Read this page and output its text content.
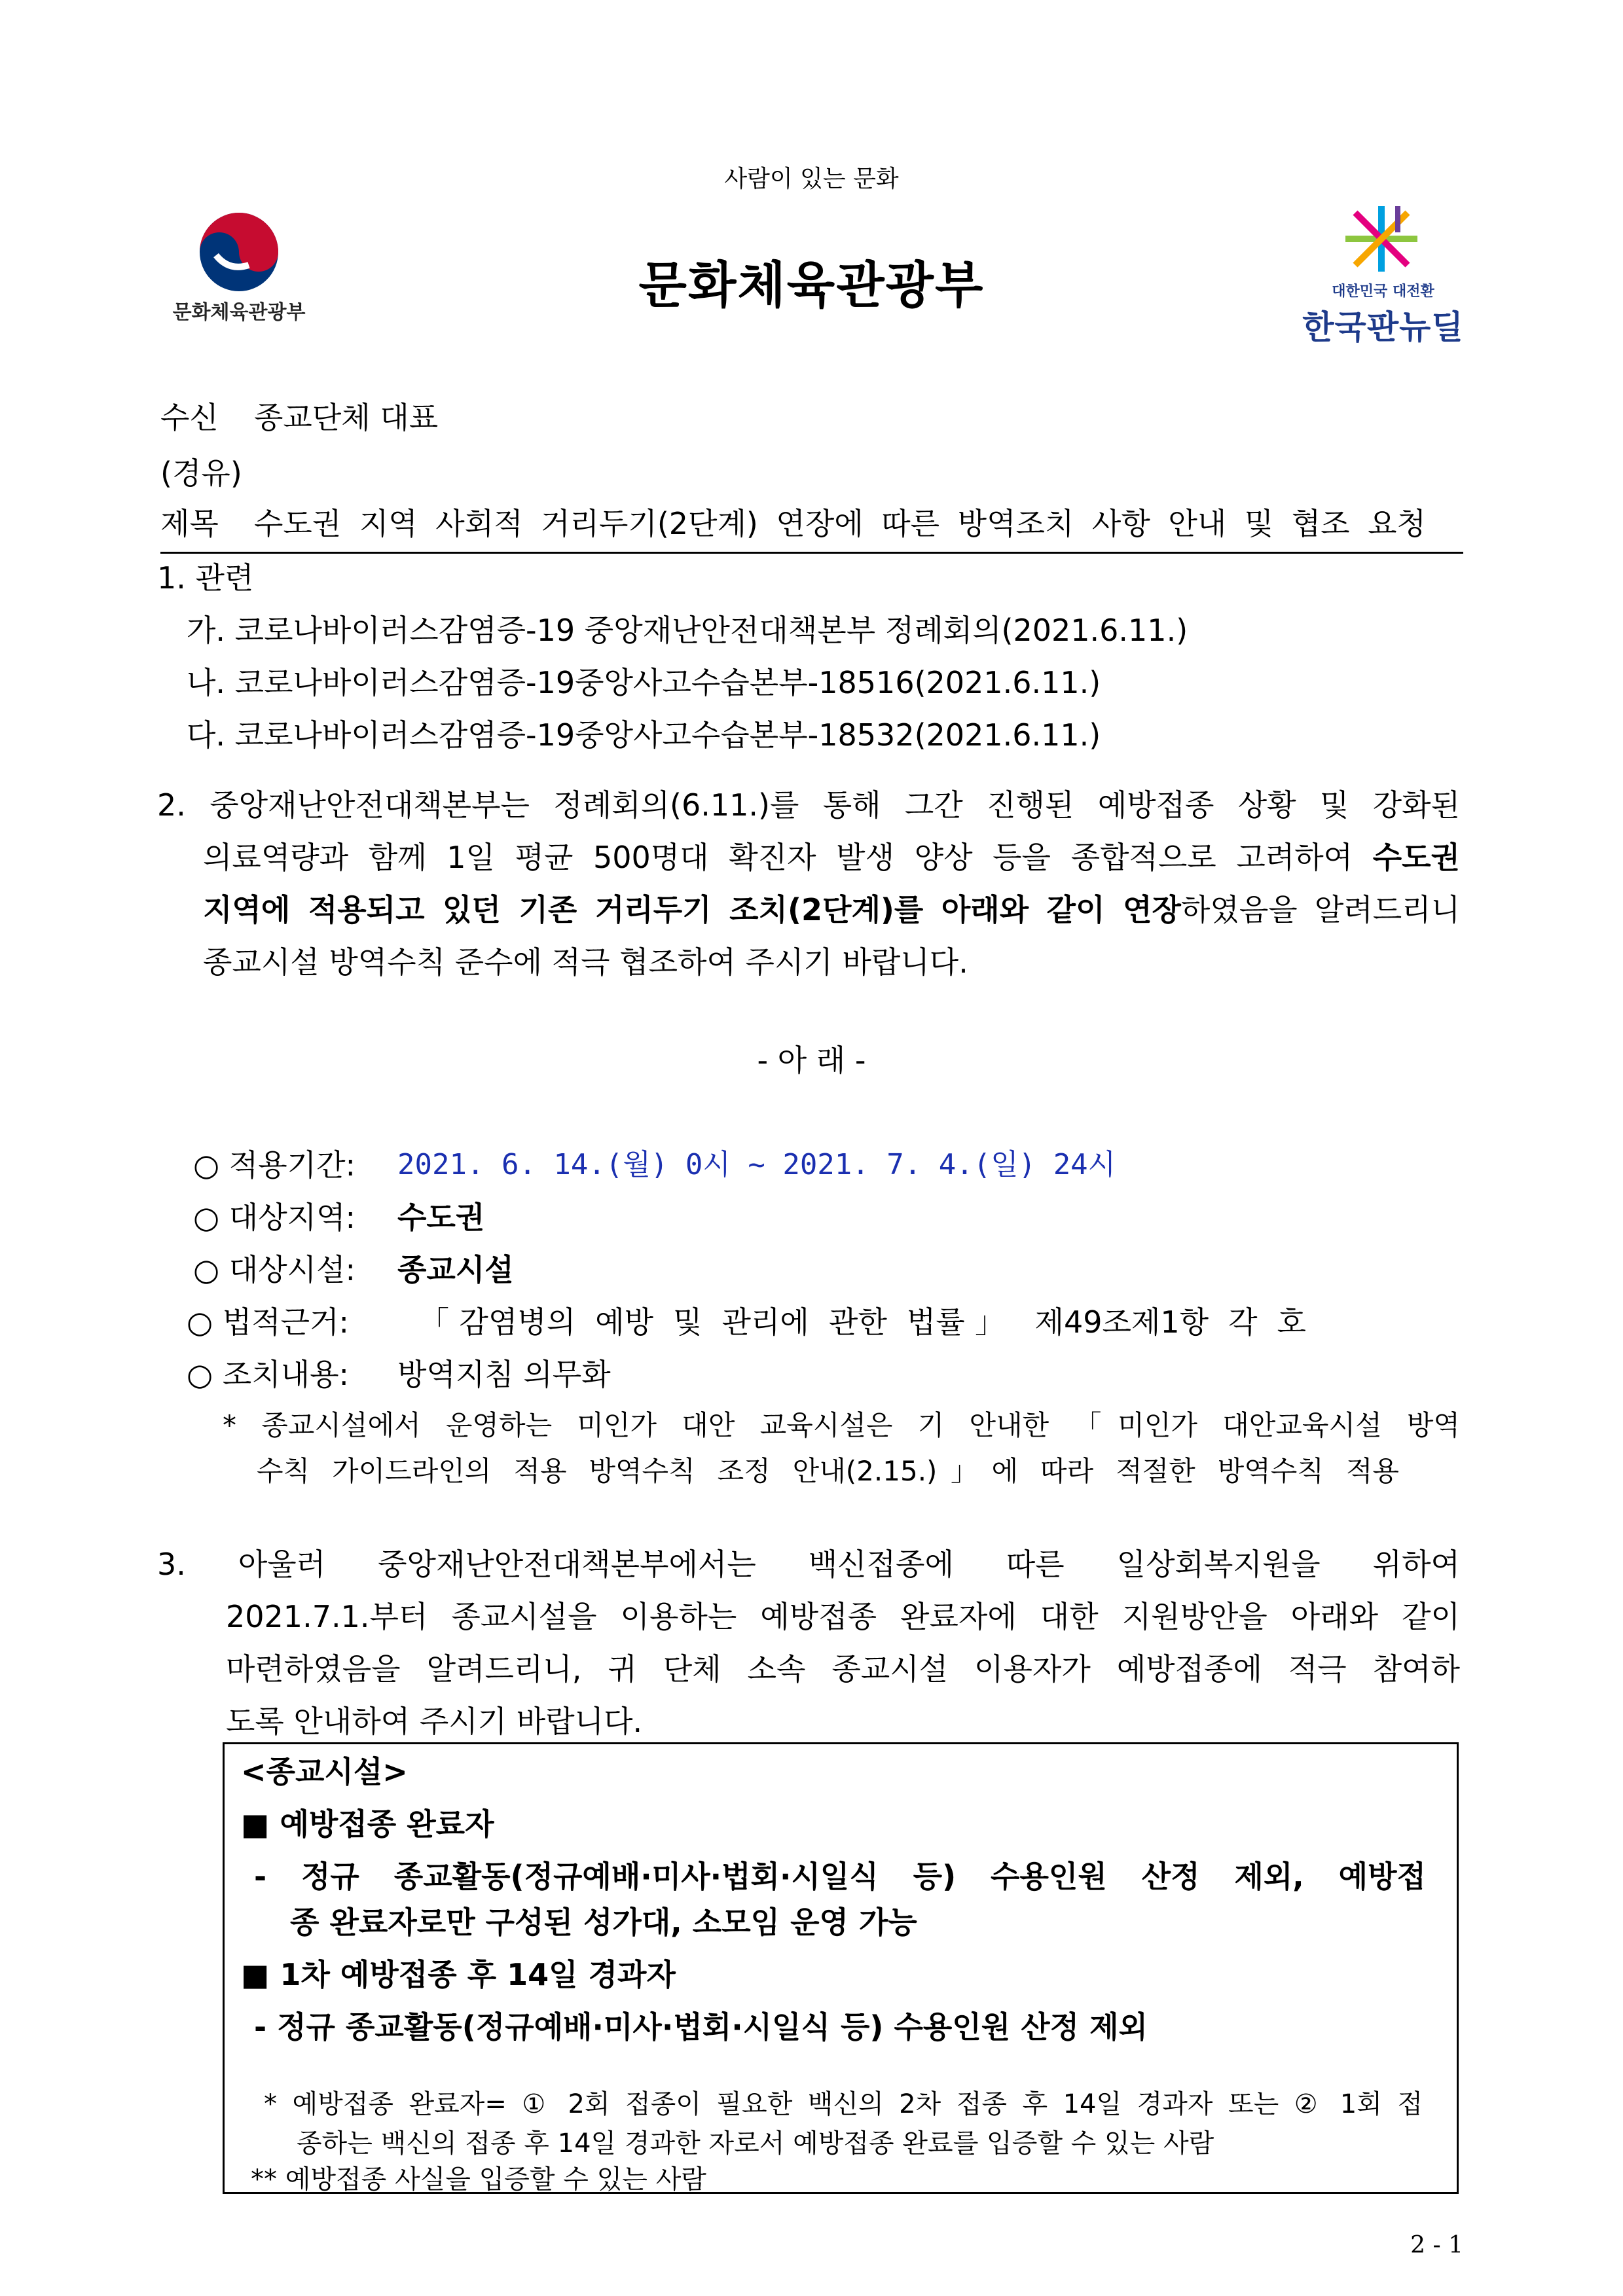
사람이 있는 문화
문화체육관광부	문화체육관광부	대한민국 대전환
한국판뉴딜
수신 종교단체 대표
(경유)
제목 수도권 지역 사회적 거리두기(2단계) 연장에 따른 방역조치 사항 안내 및 협조 요청
1. 관련
가. 코로나바이러스감염증-19 중앙재난안전대책본부 정례회의(2021.6.11.)
나. 코로나바이러스감염증-19중앙사고수습본부-18516(2021.6.11.)
다. 코로나바이러스감염증-19중앙사고수습본부-18532(2021.6.11.)
2. 중앙재난안전대책본부는 정례회의(6.11.)를 통해 그간 진행된 예방접종 상황 및 강화된
의료역량과 함께 1일 평균 500명대 확진자 발생 양상 등을 종합적으로 고려하여 수도권
지역에 적용되고 있던 기존 거리두기 조치(2단계)를 아래와 같이 연장하였음을 알려드리니
종교시설 방역수칙 준수에 적극 협조하여 주시기 바랍니다.
- 아 래 -
○ 적용기간: 2021. 6. 14.(월) 0시 ~ 2021. 7. 4.(일) 24시
○ 대상지역: 수도권
○ 대상시설: 종교시설
○ 법적근거: 「감염병의 예방 및 관리에 관한 법률」 제49조제1항 각 호
○ 조치내용: 방역지침 의무화
* 종교시설에서 운영하는 미인가 대안 교육시설은 기 안내한 「미인가 대안교육시설 방역
수칙 가이드라인의 적용 방역수칙 조정 안내(2.15.)」에 따라 적절한 방역수칙 적용
3. 아울러 중앙재난안전대책본부에서는 백신접종에 따른 일상회복지원을 위하여
2021.7.1.부터 종교시설을 이용하는 예방접종 완료자에 대한 지원방안을 아래와 같이
마련하였음을 알려드리니, 귀 단체 소속 종교시설 이용자가 예방접종에 적극 참여하
도록 안내하여 주시기 바랍니다.
<종교시설>
■ 예방접종 완료자
- 정규 종교활동(정규예배·미사·법회·시일식 등) 수용인원 산정 제외, 예방접
종 완료자로만 구성된 성가대, 소모임 운영 가능
■ 1차 예방접종 후 14일 경과자
- 정규 종교활동(정규예배·미사·법회·시일식 등) 수용인원 산정 제외
* 예방접종 완료자= ① 2회 접종이 필요한 백신의 2차 접종 후 14일 경과자 또는 ② 1회 접
종하는 백신의 접종 후 14일 경과한 자로서 예방접종 완료를 입증할 수 있는 사람
** 예방접종 사실을 입증할 수 있는 사람
2 - 1
